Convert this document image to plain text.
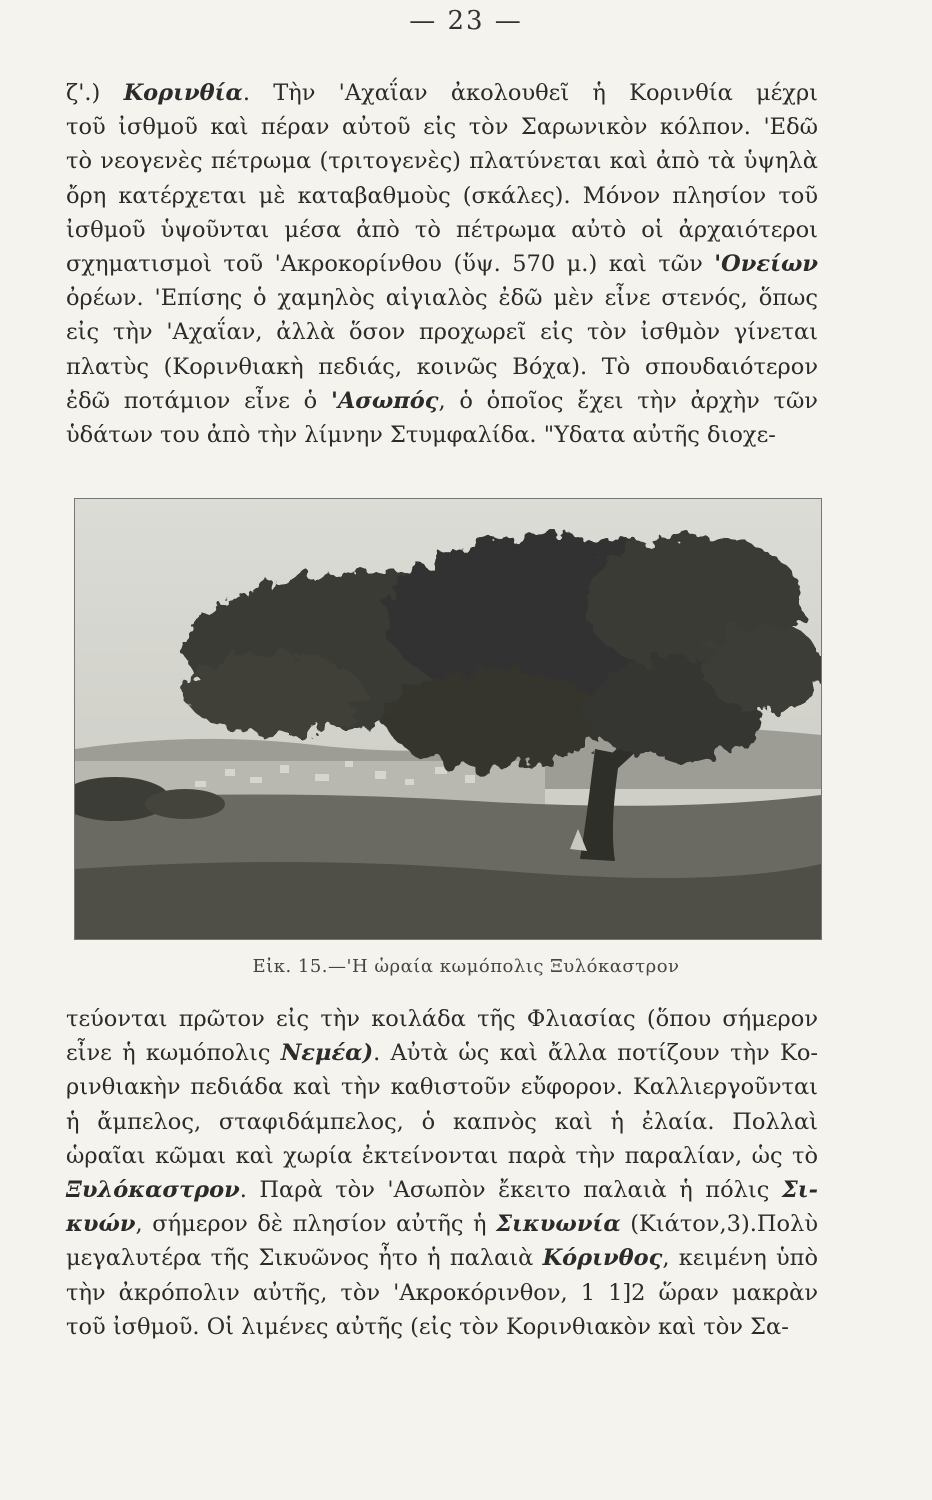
— 23 —
ζ'.) Κορινθία. Τὴν 'Αχαΐαν ἀκολουθεῖ ἡ Κορινθία μέχρι
τοῦ ἰσθμοῦ καὶ πέραν αὐτοῦ εἰς τὸν Σαρωνικὸν κόλπον. 'Εδῶ
τὸ νεογενὲς πέτρωμα (τριτογενὲς) πλατύνεται καὶ ἀπὸ τὰ ὑψηλὰ
ὄρη κατέρχεται μὲ καταβαθμοὺς (σκάλες). Μόνον πλησίον τοῦ
ἰσθμοῦ ὑψοῦνται μέσα ἀπὸ τὸ πέτρωμα αὐτὸ οἱ ἀρχαιότεροι
σχηματισμοὶ τοῦ 'Ακροκορίνθου (ὕψ. 570 μ.) καὶ τῶν 'Ονείων
ὀρέων. 'Επίσης ὁ χαμηλὸς αἰγιαλὸς ἐδῶ μὲν εἶνε στενός, ὅπως
εἰς τὴν 'Αχαΐαν, ἀλλὰ ὅσον προχωρεῖ εἰς τὸν ἰσθμὸν γίνεται
πλατὺς (Κορινθιακὴ πεδιάς, κοινῶς Βόχα). Τὸ σπουδαιότερον
ἐδῶ ποτάμιον εἶνε ὁ 'Ασωπός, ὁ ὁποῖος ἔχει τὴν ἀρχὴν τῶν
ὑδάτων του ἀπὸ τὴν λίμνην Στυμφαλίδα. "Υδατα αὐτῆς διοχε-
Εἰκ. 15.—'Η ὡραία κωμόπολις Ξυλόκαστρον
τεύονται πρῶτον εἰς τὴν κοιλάδα τῆς Φλιασίας (ὅπου σήμερον
εἶνε ἡ κωμόπολις Νεμέα). Αὐτὰ ὡς καὶ ἄλλα ποτίζουν τὴν Κο-
ρινθιακὴν πεδιάδα καὶ τὴν καθιστοῦν εὔφορον. Καλλιεργοῦνται
ἡ ἄμπελος, σταφιδάμπελος, ὁ καπνὸς καὶ ἡ ἐλαία. Πολλαὶ
ὡραῖαι κῶμαι καὶ χωρία ἐκτείνονται παρὰ τὴν παραλίαν, ὡς τὸ
Ξυλόκαστρον. Παρὰ τὸν 'Ασωπὸν ἔκειτο παλαιὰ ἡ πόλις Σι-
κυών, σήμερον δὲ πλησίον αὐτῆς ἡ Σικυωνία (Κιάτον,3).Πολὺ
μεγαλυτέρα τῆς Σικυῶνος ἦτο ἡ παλαιὰ Κόρινθος, κειμένη ὑπὸ
τὴν ἀκρόπολιν αὐτῆς, τὸν 'Ακροκόρινθον, 1 1]2 ὥραν μακρὰν
τοῦ ἰσθμοῦ. Οἱ λιμένες αὐτῆς (εἰς τὸν Κορινθιακὸν καὶ τὸν Σα-
